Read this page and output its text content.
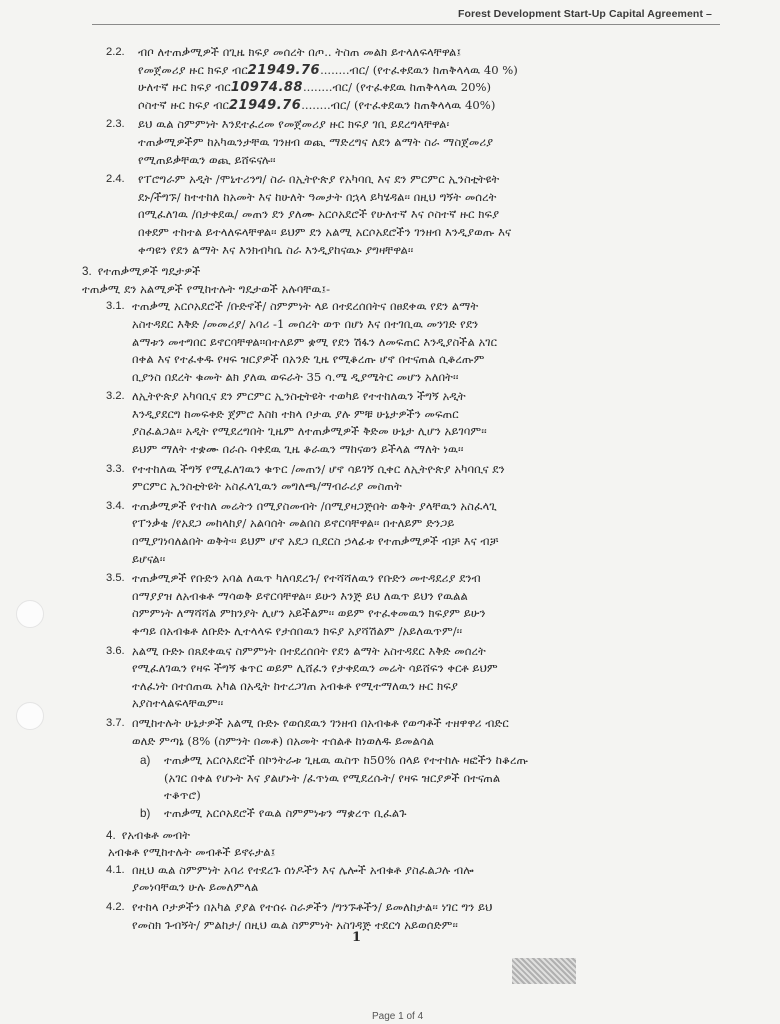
Forest Development Start-Up Capital Agreement –
2.2. ብቦ ለተጠቃሚዎች በጊዜ ክፍያ መሰረት በጦ.. ትስጠ መልክ ይተላለፍላቸዋል፤
የመጀመሪያ ዙር ክፍያ ብር21949.76........ብር/ (የተፈቀደዉን ከጠቅላላዉ 40 %)
ሁለተኛ ዙር ክፍያ ብር10974.88........ብር/ (የተፈቀደዉ ከጠቅላላዉ 20%)
ሶስተኛ ዙር ክፍያ ብር21949.76........ብር/ (የተፈቀደዉን ከጠቅላላዉ 40%)
2.3. ይህ ዉል ስምምነት እንደተፈረመ የመጀመሪያ ዙር ክፍያ ገቢ ይደረግላቸዋል፡
ተጠቃሚዎችም ከአካዉንታቸዉ ገንዘብ ወጪ ማድረግና ለደን ልማት ስራ ማስጀመሪያ
የሚጠይቃቸዉን ወጪ ይሸፍናሉ፡፡
2.4. የፐሮግራም አዲት /ሞኒተሪንግ/ ስራ በኢትዮጵያ የአካባቢ እና ደን ምርምር ኢንስቲትዩት
ደኑ/ችግኙ/ ከተተከለ ከአመት እና ከሁለት ዓመታት በኋላ ይካሄዳል፡፡ በዚህ ግኝት መሰረት
በሚፈለገዉ /በታቀደዉ/ መጠን ደን ያለሙ አርሶአደሮች የሁለተኛ እና ሶስተኛ ዙር ክፍያ
በቀደም ተከተል ይተላለፍላቸዋል፡፡ ይህም ደን አልሚ አርሶአደሮችን ገንዘብ እንዲያወጡ እና
ቀጣዩን የደን ልማት እና እንክብካቤ ስራ እንዲያከናዉኑ ያግዛቸዋል፡፡
3. የተጠቃሚዎች ግዴታዎች
ተጠቃሚ ደን አልሚዎች የሚከተሉት ግዴታወች አሉባቸዉ፤-
3.1. ተጠቃሚ አርሶአደሮች /ቡድኖች/ ስምምነት ላይ በተደረሰበትና በፀደቀዉ የደን ልማት
አስተዳደር እቅድ /መመሪያ/ አባሪ -1 መሰረት ወጥ በሆነ እና በተገቢዉ መንገድ የደን
ልማቱን መተግበር ይኖርባቸዋል።በተለይም ቋሚ የደን ሽፋን ለመፍጠር እንዲያስችል አገር
በቀል እና የተፈቀዱ የዛፍ ዝርያዎች በአንድ ጊዜ የሚቆረጡ ሆኖ በተናጠል ሲቆረጡም
ቢያንስ በደረት ቁመት ልክ ያለዉ ወፍራት 35 ሳ.ሜ ዲያሜትር መሆን አለበት፡፡
3.2. ለኢትዮጵያ አካባቢና ደን ምርምር ኢንስቲትዩት ተወካይ የተተከለዉን ችግኝ አዲት
እንዲያደርግ ከመፍቀድ ጀምሮ እስከ ተክላ ቦታዉ ያሉ ምቹ ሁኔታዎችን መፍጠር
ያስፈልጋል፡፡ አዲት የሚደረግበት ጊዜም ለተጠቃሚዎች ቅድመ ሁኔታ ሊሆን አይገባም፡፡
ይህም ማለት ተቋሙ በራሱ ባቀደዉ ጊዜ ቆራዉን ማከናወን ይችላል ማለት ነዉ፡፡
3.3. የተተከለዉ ችግኝ የሚፈለገዉን ቁጥር /መጠን/ ሆኖ ሳይገኝ ሲቀር ለኢትዮጵያ አካባቢና ደን
ምርምር ኢንስቲትዩት አስፈላጊዉን መግለጫ/ማብራሪያ መስጠት
3.4. ተጠቃሚዎች የተከለ መሬትን በሚያስመብት /በሚያዛጋጅበት ወቅት ያላቸዉን አስፈላጊ
የፐንቃቄ /የአደጋ መከላከያ/ አልባሰት መልበስ ይኖርባቸዋል፡፡ በተለይም ድንጋይ
በሚያገነባለልበት ወቅት፡፡ ይህም ሆኖ አደጋ ቢደርስ ኃላፊቱ የተጠቃሚዎች ብቻ እና ብቻ
ይሆናል፡፡
3.5. ተጠቃሚዎች የቡድን አባል ለዉጥ ካለባደረጉ/ የተሻሻለዉን የቡድን መተዳደሪያ ደንብ
በማያያዝ ለአብቁቶ ማሳወቅ ይኖርባቸዋል፡፡ ይሁን እንጅ ይህ ለዉጥ ይህን የዉልል
ስምምነት ለማሻሻል ምክንያት ሊሆን አይችልም፡፡ ወይም የተፈቀመዉን ክፍያም ይሁን
ቀጣይ በአብቁቶ ለቡድኑ ሊተላላፍ የታሰበዉን ክፍያ አያሻሽልም /አይለዉጥም/፡፡
3.6. አልሚ ቡድኑ በጸደቀዉና ስምምነት በተደረሰበት የደን ልማት አስተዳደር እቅድ መሰረት
የሚፈለገዉን የዛፍ ችግኝ ቁጥር ወይም ሊሸፈን የታቀደዉን መሬት ሳይሸፍን ቀርቶ ይህም
ተለፈነት በተሰጠዉ አካል በአዲት ከተረጋገጠ አብቁቶ የሚተማለዉን ዙር ክፍያ
አያስተላልፍላቸዉም፡፡
3.7. በሚከተሉት ሁኔታዎች አልሚ ቡድኑ የወሰደዉን ገንዘብ በአብቁቶ የወጣቶች ተዘዋዋሪ ብድር
ወለድ ምጣኔ (8% (ስምንት በመቶ) በአመት ተሰልቶ ከነወለዱ ይመልሳል
a) ተጠቃሚ አርሶአደሮች በኮንትራቱ ጊዜዉ ዉስጥ ከ50% በላይ የተተከሉ ዛፎችን ከቆረጡ
(አገር በቀል የሆኑት እና ያልሆኑት /ፈጥነዉ የሚደረሱት/ የዛፍ ዝርያዎች በተናጠል
ተቆጥሮ)
b) ተጠቃሚ አርሶአደሮች የዉል ስምምነቱን ማቋረጥ ቢፈልጉ
4. የአብቁቶ መብት
አብቁቶ የሚከተሉት መብቶች ይኖሩታል፤
4.1. በዚህ ዉል ስምምነት አባሪ የተደረጉ ሰነዶችን እና ሌሎች አብቁቶ ያስፈልጋሉ ብሎ
ያመነባቸዉን ሁሉ ይመለምላል
4.2. የተከላ ቦታዎችን በአካል ያያል የተሰሩ ስራዎችን /ግንኙቶችን/ ይመለከታል፡፡ ነገር ግን ይህ
የመስክ ጉብኝት/ ምልከታ/ በዚህ ዉል ስምምነት አስገዳጅ ተደርጎ አይወሰድም፡፡
1
Page 1 of 4
